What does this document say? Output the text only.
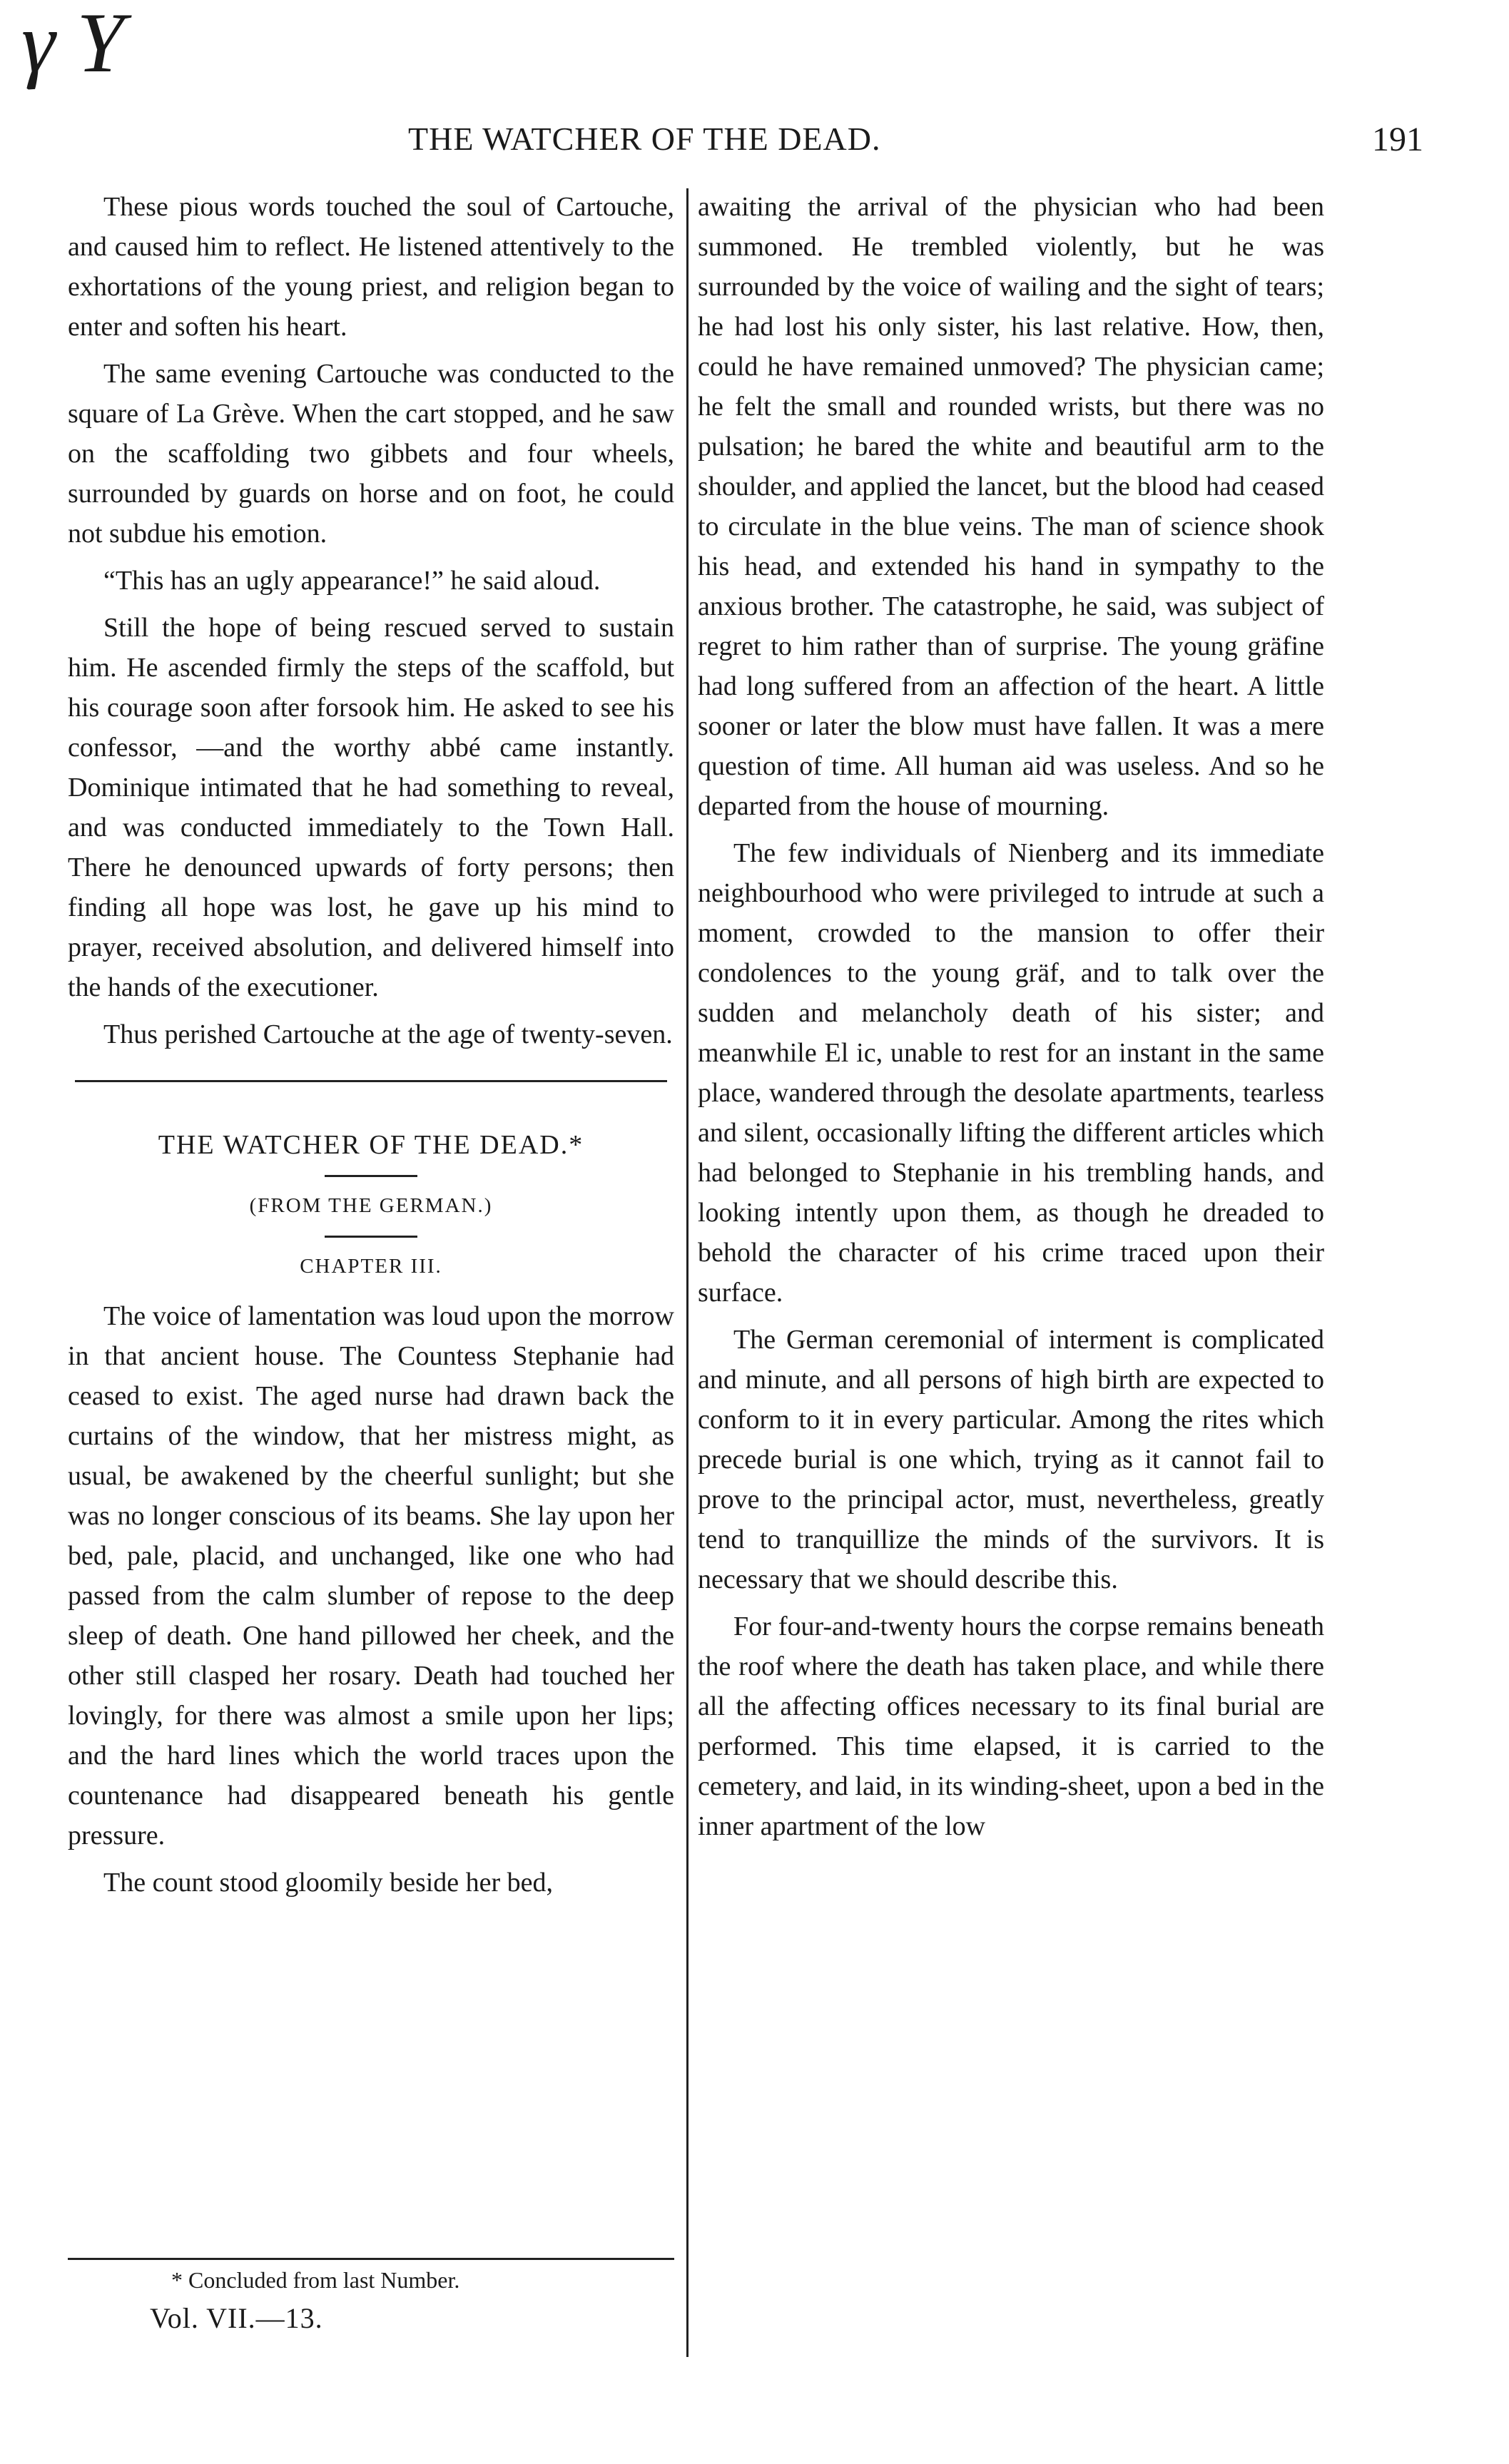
γ Y
THE WATCHER OF THE DEAD.	191

These pious words touched the soul of Cartouche, and caused him to reflect. He listened attentively to the exhortations of the young priest, and religion began to enter and soften his heart.

The same evening Cartouche was conducted to the square of La Grève. When the cart stopped, and he saw on the scaffolding two gibbets and four wheels, surrounded by guards on horse and on foot, he could not subdue his emotion.

“This has an ugly appearance!” he said aloud.

Still the hope of being rescued served to sustain him. He ascended firmly the steps of the scaffold, but his courage soon after forsook him. He asked to see his confessor, —and the worthy abbé came instantly. Dominique intimated that he had something to reveal, and was conducted immediately to the Town Hall. There he denounced upwards of forty persons; then finding all hope was lost, he gave up his mind to prayer, received absolution, and delivered himself into the hands of the executioner.

Thus perished Cartouche at the age of twenty-seven.

THE WATCHER OF THE DEAD.*
(FROM THE GERMAN.)
CHAPTER III.

The voice of lamentation was loud upon the morrow in that ancient house. The Countess Stephanie had ceased to exist. The aged nurse had drawn back the curtains of the window, that her mistress might, as usual, be awakened by the cheerful sunlight; but she was no longer conscious of its beams. She lay upon her bed, pale, placid, and unchanged, like one who had passed from the calm slumber of repose to the deep sleep of death. One hand pillowed her cheek, and the other still clasped her rosary. Death had touched her lovingly, for there was almost a smile upon her lips; and the hard lines which the world traces upon the countenance had disappeared beneath his gentle pressure.

The count stood gloomily beside her bed,

awaiting the arrival of the physician who had been summoned. He trembled violently, but he was surrounded by the voice of wailing and the sight of tears; he had lost his only sister, his last relative. How, then, could he have remained unmoved? The physician came; he felt the small and rounded wrists, but there was no pulsation; he bared the white and beautiful arm to the shoulder, and applied the lancet, but the blood had ceased to circulate in the blue veins. The man of science shook his head, and extended his hand in sympathy to the anxious brother. The catastrophe, he said, was subject of regret to him rather than of surprise. The young gräfine had long suffered from an affection of the heart. A little sooner or later the blow must have fallen. It was a mere question of time. All human aid was useless. And so he departed from the house of mourning.

The few individuals of Nienberg and its immediate neighbourhood who were privileged to intrude at such a moment, crowded to the mansion to offer their condolences to the young gräf, and to talk over the sudden and melancholy death of his sister; and meanwhile El ic, unable to rest for an instant in the same place, wandered through the desolate apartments, tearless and silent, occasionally lifting the different articles which had belonged to Stephanie in his trembling hands, and looking intently upon them, as though he dreaded to behold the character of his crime traced upon their surface.

The German ceremonial of interment is complicated and minute, and all persons of high birth are expected to conform to it in every particular. Among the rites which precede burial is one which, trying as it cannot fail to prove to the principal actor, must, nevertheless, greatly tend to tranquillize the minds of the survivors. It is necessary that we should describe this.

For four-and-twenty hours the corpse remains beneath the roof where the death has taken place, and while there all the affecting offices necessary to its final burial are performed. This time elapsed, it is carried to the cemetery, and laid, in its winding-sheet, upon a bed in the inner apartment of the low

* Concluded from last Number.
Vol. VII.—13.
